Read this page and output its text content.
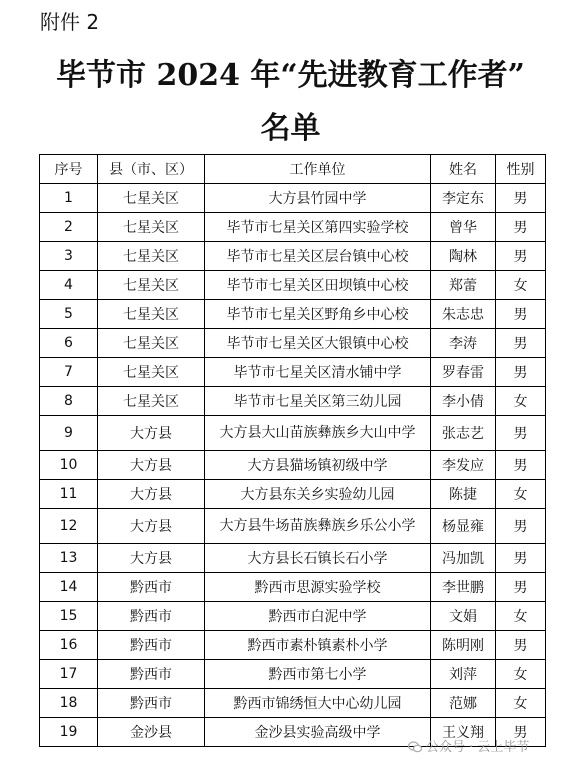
附件 2
毕节市 2024 年“先进教育工作者”
名单
序号	县（市、区）	工作单位	姓名	性别
1	七星关区	大方县竹园中学	李定东	男
2	七星关区	毕节市七星关区第四实验学校	曾华	男
3	七星关区	毕节市七星关区层台镇中心校	陶林	男
4	七星关区	毕节市七星关区田坝镇中心校	郑蕾	女
5	七星关区	毕节市七星关区野角乡中心校	朱志忠	男
6	七星关区	毕节市七星关区大银镇中心校	李涛	男
7	七星关区	毕节市七星关区清水铺中学	罗春雷	男
8	七星关区	毕节市七星关区第三幼儿园	李小倩	女
9	大方县	大方县大山苗族彝族乡大山中学	张志艺	男
10	大方县	大方县猫场镇初级中学	李发应	男
11	大方县	大方县东关乡实验幼儿园	陈捷	女
12	大方县	大方县牛场苗族彝族乡乐公小学	杨显雍	男
13	大方县	大方县长石镇长石小学	冯加凯	男
14	黔西市	黔西市思源实验学校	李世鹏	男
15	黔西市	黔西市白泥中学	文娟	女
16	黔西市	黔西市素朴镇素朴小学	陈明刚	男
17	黔西市	黔西市第七小学	刘萍	女
18	黔西市	黔西市锦绣恒大中心幼儿园	范娜	女
19	金沙县	金沙县实验高级中学	王义翔	男
公众号 · 云上毕节
